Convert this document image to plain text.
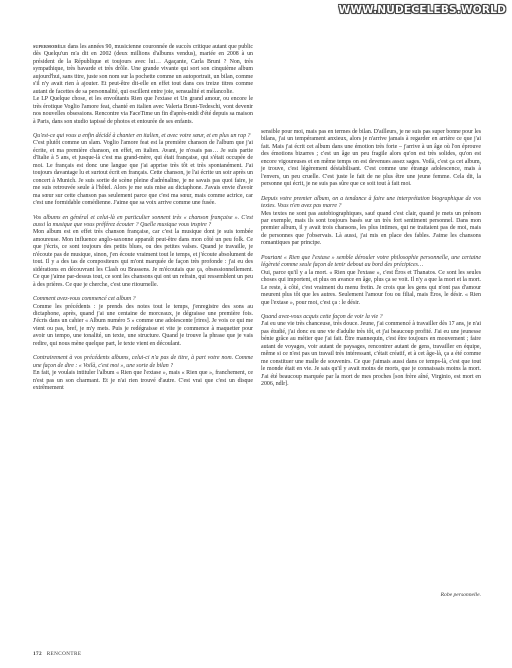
WWW.NUDECELEBS.WORLD

supermodèle dans les années 90, musicienne couronnée de succès critique autant que public dès Quelqu'un m'a dit en 2002 (deux millions d'albums vendus), mariée en 2008 à un président de la République et toujours avec lui… Agaçante, Carla Bruni ? Non, très sympathique, très bavarde et très drôle. Une grande vivante qui sort son cinquième album aujourd'hui, sans titre, juste son nom sur la pochette comme un autoportrait, un bilan, comme s'il n'y avait rien à ajouter. Et peut-être dit-elle en effet tout dans ces treize titres comme autant de facettes de sa personnalité, qui oscillent entre joie, sensualité et mélancolie.

Le LP Quelque chose, et les envoûtants Rien que l'extase et Un grand amour, ou encore le très érotique Voglio l'amore feat, chanté en italien avec Valeria Bruni-Tedeschi, vont devenir nos nouvelles obsessions. Rencontre via FaceTime un fin d'après-midi d'été depuis sa maison à Paris, dans son studio tapissé de photos et entourée de ses enfants.

Qu'est-ce qui vous a enfin décidé à chanter en italien, et avec votre sœur, et en plus un rap ?

C'est plutôt comme un slam. Voglio l'amore feat est la première chanson de l'album que j'ai écrite, et ma première chanson, en effet, en italien. Avant, je n'osais pas… Je suis partie d'Italie à 5 ans, et jusque-là c'est ma grand-mère, qui était française, qui s'était occupée de moi. Le français est donc une langue que j'ai apprise très tôt et très spontanément. J'ai toujours davantage lu et surtout écrit en français. Cette chanson, je l'ai écrite un soir après un concert à Munich. Je suis sortie de scène pleine d'adrénaline, je ne savais pas quoi faire, je me suis retrouvée seule à l'hôtel. Alors je me suis mise au dictaphone. J'avais envie d'avoir ma sœur sur cette chanson pas seulement parce que c'est ma sœur, mais comme actrice, car c'est une formidable comédienne. J'aime que sa voix arrive comme une fusée.

Vos albums en général et celui-là en particulier sonnent très « chanson française ». C'est aussi la musique que vous préférez écouter ? Quelle musique vous inspire ?

Mon album est en effet très chanson française, car c'est la musique dont je suis tombée amoureuse. Mon influence anglo-saxonne apparaît peut-être dans mon côté un peu folk. Ce que j'écris, ce sont toujours des petits blues, ou des petites valses. Quand je travaille, je n'écoute pas de musique, sinon, j'en écoute vraiment tout le temps, et j'écoute absolument de tout. Il y a des tas de compositeurs qui m'ont marquée de façon très profonde : j'ai eu des sidérations en découvrant les Clash ou Brassens. Je m'écoutais que ça, obsessionnellement. Ce que j'aime par-dessus tout, ce sont les chansons qui ont un refrain, qui ressemblent un peu à des prières. Ce que je cherche, c'est une ritournelle.

Comment avez-vous commencé cet album ?

Comme les précédents : je prends des notes tout le temps, j'enregistre des sons au dictaphone, après, quand j'ai une centaine de morceaux, je dégraisse une première fois. J'écris dans un cahier « Album numéro 5 » comme une adolescente [rires]. Je vois ce qui me vient ou pas, bref, je m'y mets. Puis je redégraisse et vite je commence à maquetter pour avoir un tempo, une tonalité, un texte, une structure. Quand je trouve la phrase que je vais redire, qui nous mène quelque part, le texte vient en découlant.

Contrairement à vos précédents albums, celui-ci n'a pas de titre, à part votre nom. Comme une façon de dire : « Voilà, c'est moi », une sorte de bilan ?

En fait, je voulais intituler l'album « Rien que l'extase », mais « Rien que », franchement, ce n'est pas un son charmant. Et je n'ai rien trouvé d'autre. C'est vrai que c'est un disque extrêmement

sensible pour moi, mais pas en termes de bilan. D'ailleurs, je ne suis pas super bonne pour les bilans, j'ai un tempérament anxieux, alors je n'arrive jamais à regarder en arrière ce que j'ai fait. Mais j'ai écrit cet album dans une émotion très forte – j'arrive à un âge où l'on éprouve des émotions bizarres ; c'est un âge un peu fragile alors qu'on est très solides, qu'on est encore vigoureuses et en même temps on est devenues assez sages. Voilà, c'est ça cet album, je trouve, c'est légèrement déstabilisant. C'est comme une étrange adolescence, mais à l'envers, un peu cruelle. C'est juste le fait de ne plus être une jeune femme. Cela dit, la personne qui écrit, je ne suis pas sûre que ce soit tout à fait moi.

Depuis votre premier album, on a tendance à faire une interprétation biographique de vos textes. Vous n'en avez pas marre ?

Mes textes ne sont pas autobiographiques, sauf quand c'est clair, quand je mets un prénom par exemple, mais ils sont toujours basés sur un très fort sentiment personnel. Dans mon premier album, il y avait trois chansons, les plus intimes, qui ne traitaient pas de moi, mais de personnes que j'observais. Là aussi, j'ai mis en place des fables. J'aime les chansons romantiques par principe.

Pourtant « Rien que l'extase » semble dérouler votre philosophie personnelle, une certaine légèreté comme seule façon de tenir debout au bord des précipices…

Oui, parce qu'il y a la mort. « Rien que l'extase », c'est Éros et Thanatos. Ce sont les seules choses qui importent, et plus on avance en âge, plus ça se voit. Il n'y a que la mort et la mort. Le reste, à côté, c'est vraiment du menu fretin. Je crois que les gens qui n'ont pas d'amour meurent plus tôt que les autres. Seulement l'amour fou ou filial, mais Éros, le désir. « Rien que l'extase », pour moi, c'est ça : le désir.

Quand avez-vous acquis cette façon de voir la vie ?

J'ai eu une vie très chanceuse, très douce. Jeune, j'ai commencé à travailler dès 17 ans, je n'ai pas étudié, j'ai donc eu une vie d'adulte très tôt, et j'ai beaucoup profité. J'ai eu une jeunesse bénie grâce au métier que j'ai fait. Être mannequin, c'est être toujours en mouvement ; faire autant de voyages, voir autant de paysages, rencontrer autant de gens, travailler en équipe, même si ce n'est pas un travail très intéressant, c'était créatif, et à cet âge-là, ça a été comme me constituer une malle de souvenirs. Ce que j'aimais aussi dans ce temps-là, c'est que tout le monde était en vie. Je sais qu'il y avait moins de morts, que je connaissais moins la mort. J'ai été beaucoup marquée par la mort de mes proches [son frère aîné, Virginio, est mort en 2006, ndlr].

Robe personnelle.
172 RENCONTRE
